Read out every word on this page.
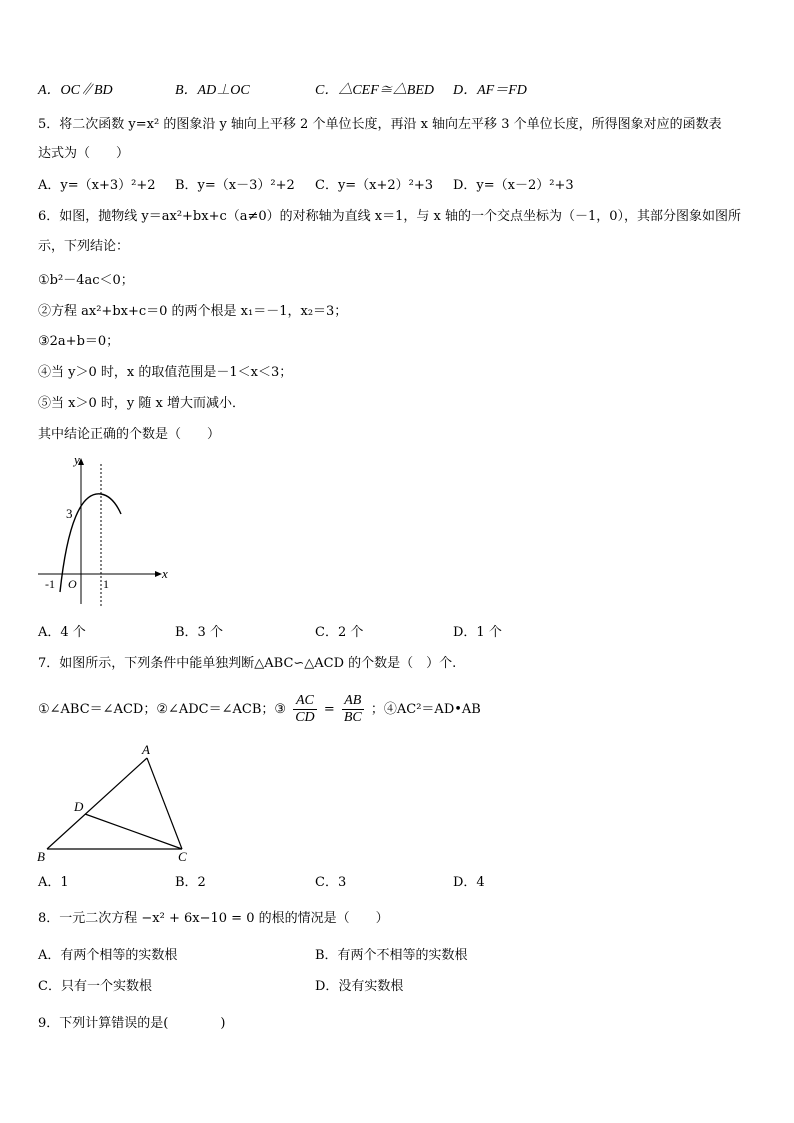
A．OC∥BD	B．AD⊥OC	C．△CEF≅△BED D．AF＝FD
5．将二次函数 y=x² 的图象沿 y 轴向上平移 2 个单位长度，再沿 x 轴向左平移 3 个单位长度，所得图象对应的函数表
达式为（　　）
A．y=（x+3）²+2 B．y=（x－3）²+2 C．y=（x+2）²+3 D．y=（x－2）²+3
6．如图，抛物线 y＝ax²+bx+c（a≠0）的对称轴为直线 x＝1，与 x 轴的一个交点坐标为（－1，0），其部分图象如图所
示，下列结论：
①b²－4ac＜0；
②方程 ax²+bx+c＝0 的两个根是 x₁＝－1，x₂＝3；
③2a+b＝0；
④当 y＞0 时，x 的取值范围是－1＜x＜3；
⑤当 x＞0 时，y 随 x 增大而减小．
其中结论正确的个数是（　　）
y
x
3
-1 O 1
A．4 个	B．3 个	C．2 个	D．1 个
7．如图所示，下列条件中能单独判断△ABC∽△ACD 的个数是（　）个.
①∠ABC＝∠ACD；②∠ADC＝∠ACB；③ $\frac{AC}{CD} = \frac{AB}{BC}$ ；④AC²＝AD•AB
A
B	C
D
A．1	B．2	C．3	D．4
8．一元二次方程 −x² + 6x−10 = 0 的根的情况是（　　）
A．有两个相等的实数根	B．有两个不相等的实数根
C．只有一个实数根	D．没有实数根
9．下列计算错误的是(　　　　)
